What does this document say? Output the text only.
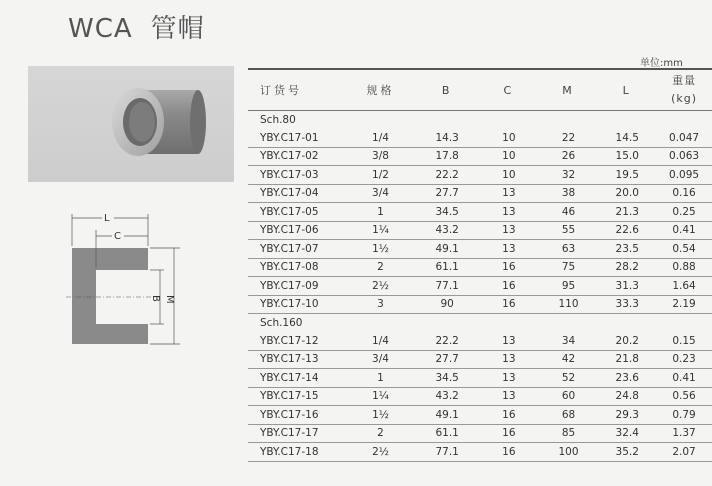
WCA 管帽
单位:mm
L
C
B M
订货号	规格	B	C	M	L	重量
(kg)
Sch.80						
YBY.C17-01	1/4	14.3	10	22	14.5	0.047
YBY.C17-02	3/8	17.8	10	26	15.0	0.063
YBY.C17-03	1/2	22.2	10	32	19.5	0.095
YBY.C17-04	3/4	27.7	13	38	20.0	0.16
YBY.C17-05	1	34.5	13	46	21.3	0.25
YBY.C17-06	1¼	43.2	13	55	22.6	0.41
YBY.C17-07	1½	49.1	13	63	23.5	0.54
YBY.C17-08	2	61.1	16	75	28.2	0.88
YBY.C17-09	2½	77.1	16	95	31.3	1.64
YBY.C17-10	3	90	16	110	33.3	2.19
Sch.160						
YBY.C17-12	1/4	22.2	13	34	20.2	0.15
YBY.C17-13	3/4	27.7	13	42	21.8	0.23
YBY.C17-14	1	34.5	13	52	23.6	0.41
YBY.C17-15	1¼	43.2	13	60	24.8	0.56
YBY.C17-16	1½	49.1	16	68	29.3	0.79
YBY.C17-17	2	61.1	16	85	32.4	1.37
YBY.C17-18	2½	77.1	16	100	35.2	2.07
